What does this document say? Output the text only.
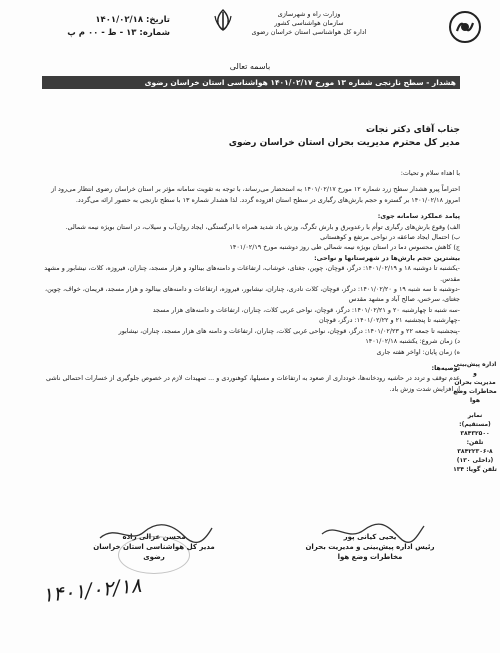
تاریخ: ۱۴۰۱/۰۲/۱۸
شماره: ۱۳ - ط - ۰۰ م پ
وزارت راه و شهرسازی
سازمان هواشناسی کشور
اداره کل هواشناسی استان خراسان رضوی
باسمه تعالی
هشدار - سطح نارنجی شماره ۱۳ مورخ ۱۴۰۱/۰۲/۱۷ هواشناسی استان خراسان رضوی
جناب آقای دکتر نجات
مدیر کل محترم مدیریت بحران استان خراسان رضوی

با اهداء سلام و تحیات:

احتراماً پیرو هشدار سطح زرد شماره ۱۲ مورخ ۱۴۰۱/۰۲/۱۷ به استحضار می‌رساند، با توجه به تقویت سامانه مؤثر بر استان خراسان رضوی انتظار می‌رود از امروز ۱۴۰۱/۰۲/۱۸ بر گستره و حجم بارش‌های رگباری در سطح استان افزوده گردد. لذا هشدار شماره ۱۳ با سطح نارنجی به حضور ارائه می‌گردد.

پیامد عملکرد سامانه جوی:

الف) وقوع بارش‌های رگباری توأم با رعدوبرق و بارش تگرگ، وزش باد شدید همراه با ابرگستگی، ایجاد روان‌آب و سیلاب، در استان بویژه نیمه شمالی.

ب) احتمال ایجاد صاعقه در نواحی مرتفع و کوهستانی

ج) کاهش محسوس دما در استان بویژه نیمه شمالی طی روز دوشنبه مورخ ۱۴۰۱/۰۲/۱۹

بیشترین حجم بارش‌ها در شهرستانها و نواحی:

-یکشنبه تا دوشنبه ۱۸ و ۱۴۰۱/۰۲/۱۹: درگز، قوچان، چوین، جغتای، خوشاب، ارتفاعات و دامنه‌های بینالود و هزار مسجد، چناران، فیروزه، کلات، نیشابور و مشهد مقدس.

-دوشنبه تا سه شنبه ۱۹ و ۱۴۰۱/۰۲/۲۰: درگز، قوچان، کلات نادری، چناران، نیشابور، فیروزه، ارتفاعات و دامنه‌های بینالود و هزار مسجد، قریمان، خواف، چوین، جغتای، سرخس، صالح آباد و مشهد مقدس

-سه شنبه تا چهارشنبه ۲۰ و ۱۴۰۱/۰۲/۲۱: درگز، قوچان، نواحی غربی کلات، چناران، ارتفاعات و دامنه‌های هزار مسجد

-چهارشنبه تا پنجشنبه ۲۱ و ۱۴۰۱/۰۲/۲۲: درگز، قوچان

-پنجشنبه تا جمعه ۲۲ و ۱۴۰۱/۰۲/۲۳: درگز، قوچان، نواحی غربی کلات، چناران، ارتفاعات و دامنه های هزار مسجد، چناران، نیشابور

د) زمان شروع: یکشنبه ۱۴۰۱/۰۲/۱۸

ه) زمان پایان: اواخر هفته جاری

توصیه‌ها:

عدم توقف و تردد در حاشیه رودخانه‌ها، خودداری از صعود به ارتفاعات و مسیلها، کوهنوردی و ... تمهیدات لازم در خصوص جلوگیری از خسارات احتمالی ناشی از افزایش شدت وزش باد.

اداره پیش‌بینی و
مدیریت بحران
مخاطرات وضع
هوا
نمابر (مستقیم):
۳۸۴۳۲۵۰۰
تلفن:
۳۸۴۲۲۳۰۶-۸
(داخلی ۱۳۰)
تلفن گویا: ۱۳۴
محسن عزالی زاده
مدیر کل هواشناسی استان خراسان رضوی
یحیی کیانی پور
رئیس اداره پیش‌بینی و مدیریت بحران مخاطرات وضع هوا
۱۴۰۱/۰۲/۱۸
